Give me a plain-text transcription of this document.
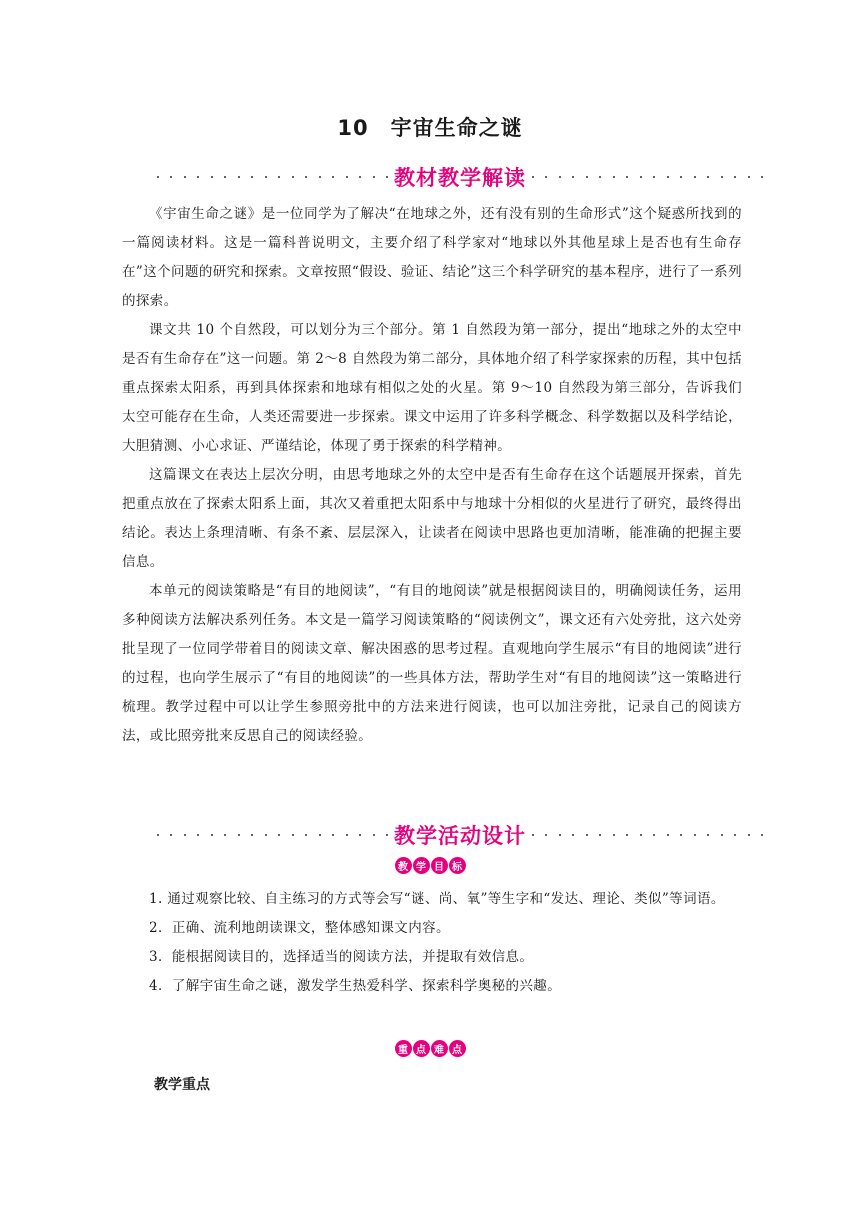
10　宇宙生命之谜
教材教学解读

《宇宙生命之谜》是一位同学为了解决“在地球之外，还有没有别的生命形式”这个疑惑所找到的一篇阅读材料。这是一篇科普说明文，主要介绍了科学家对“地球以外其他星球上是否也有生命存在”这个问题的研究和探索。文章按照“假设、验证、结论”这三个科学研究的基本程序，进行了一系列的探索。

课文共 10 个自然段，可以划分为三个部分。第 1 自然段为第一部分，提出“地球之外的太空中是否有生命存在”这一问题。第 2～8 自然段为第二部分，具体地介绍了科学家探索的历程，其中包括重点探索太阳系，再到具体探索和地球有相似之处的火星。第 9～10 自然段为第三部分，告诉我们太空可能存在生命，人类还需要进一步探索。课文中运用了许多科学概念、科学数据以及科学结论，大胆猜测、小心求证、严谨结论，体现了勇于探索的科学精神。

这篇课文在表达上层次分明，由思考地球之外的太空中是否有生命存在这个话题展开探索，首先把重点放在了探索太阳系上面，其次又着重把太阳系中与地球十分相似的火星进行了研究，最终得出结论。表达上条理清晰、有条不紊、层层深入，让读者在阅读中思路也更加清晰，能准确的把握主要信息。

本单元的阅读策略是“有目的地阅读”，“有目的地阅读”就是根据阅读目的，明确阅读任务，运用多种阅读方法解决系列任务。本文是一篇学习阅读策略的“阅读例文”，课文还有六处旁批，这六处旁批呈现了一位同学带着目的阅读文章、解决困惑的思考过程。直观地向学生展示“有目的地阅读”进行的过程，也向学生展示了“有目的地阅读”的一些具体方法，帮助学生对“有目的地阅读”这一策略进行梳理。教学过程中可以让学生参照旁批中的方法来进行阅读，也可以加注旁批，记录自己的阅读方法，或比照旁批来反思自己的阅读经验。

教学活动设计
教 学 目 标

1. 通过观察比较、自主练习的方式等会写“谜、尚、氧”等生字和“发达、理论、类似”等词语。

2．正确、流利地朗读课文，整体感知课文内容。

3．能根据阅读目的，选择适当的阅读方法，并提取有效信息。

4．了解宇宙生命之谜，激发学生热爱科学、探索科学奥秘的兴趣。

重 点 难 点

教学重点
